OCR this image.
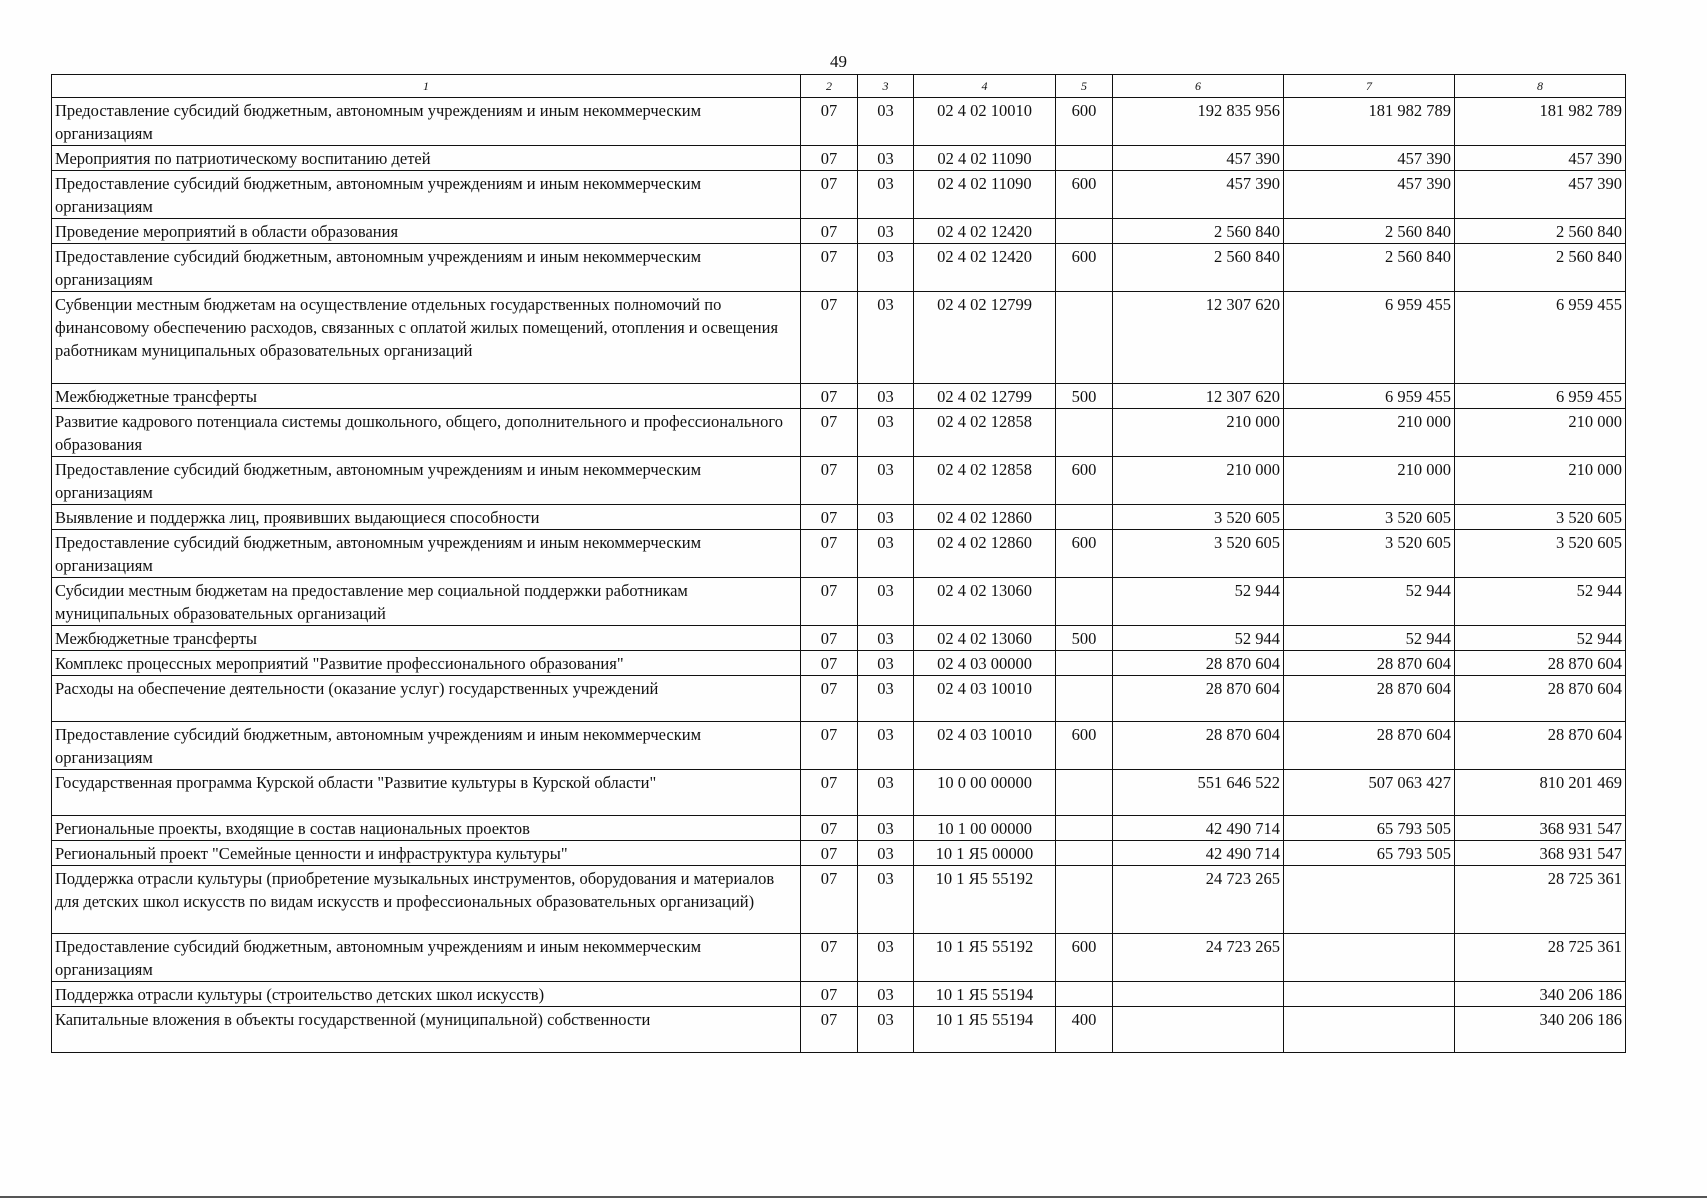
49
1	2	3	4	5	6	7	8
Предоставление субсидий бюджетным, автономным учреждениям и иным некоммерческим организациям	07	03	02 4 02 10010	600	192 835 956	181 982 789	181 982 789
Мероприятия по патриотическому воспитанию детей	07	03	02 4 02 11090		457 390	457 390	457 390
Предоставление субсидий бюджетным, автономным учреждениям и иным некоммерческим организациям	07	03	02 4 02 11090	600	457 390	457 390	457 390
Проведение мероприятий в области образования	07	03	02 4 02 12420		2 560 840	2 560 840	2 560 840
Предоставление субсидий бюджетным, автономным учреждениям и иным некоммерческим организациям	07	03	02 4 02 12420	600	2 560 840	2 560 840	2 560 840
Субвенции местным бюджетам на осуществление отдельных государственных полномочий по финансовому обеспечению расходов, связанных с оплатой жилых помещений, отопления и освещения работникам муниципальных образовательных организаций	07	03	02 4 02 12799		12 307 620	6 959 455	6 959 455
Межбюджетные трансферты	07	03	02 4 02 12799	500	12 307 620	6 959 455	6 959 455
Развитие кадрового потенциала системы дошкольного, общего, дополнительного и профессионального образования	07	03	02 4 02 12858		210 000	210 000	210 000
Предоставление субсидий бюджетным, автономным учреждениям и иным некоммерческим организациям	07	03	02 4 02 12858	600	210 000	210 000	210 000
Выявление и поддержка лиц, проявивших выдающиеся способности	07	03	02 4 02 12860		3 520 605	3 520 605	3 520 605
Предоставление субсидий бюджетным, автономным учреждениям и иным некоммерческим организациям	07	03	02 4 02 12860	600	3 520 605	3 520 605	3 520 605
Субсидии местным бюджетам на предоставление мер социальной поддержки работникам муниципальных образовательных организаций	07	03	02 4 02 13060		52 944	52 944	52 944
Межбюджетные трансферты	07	03	02 4 02 13060	500	52 944	52 944	52 944
Комплекс процессных мероприятий "Развитие профессионального образования"	07	03	02 4 03 00000		28 870 604	28 870 604	28 870 604
Расходы на обеспечение деятельности (оказание услуг) государственных учреждений	07	03	02 4 03 10010		28 870 604	28 870 604	28 870 604
Предоставление субсидий бюджетным, автономным учреждениям и иным некоммерческим организациям	07	03	02 4 03 10010	600	28 870 604	28 870 604	28 870 604
Государственная программа Курской области "Развитие культуры в Курской области"	07	03	10 0 00 00000		551 646 522	507 063 427	810 201 469
Региональные проекты, входящие в состав национальных проектов	07	03	10 1 00 00000		42 490 714	65 793 505	368 931 547
Региональный проект "Семейные ценности и инфраструктура культуры"	07	03	10 1 Я5 00000		42 490 714	65 793 505	368 931 547
Поддержка отрасли культуры (приобретение музыкальных инструментов, оборудования и материалов для детских школ искусств по видам искусств и профессиональных образовательных организаций)	07	03	10 1 Я5 55192		24 723 265		28 725 361
Предоставление субсидий бюджетным, автономным учреждениям и иным некоммерческим организациям	07	03	10 1 Я5 55192	600	24 723 265		28 725 361
Поддержка отрасли культуры (строительство детских школ искусств)	07	03	10 1 Я5 55194				340 206 186
Капитальные вложения в объекты государственной (муниципальной) собственности	07	03	10 1 Я5 55194	400			340 206 186
